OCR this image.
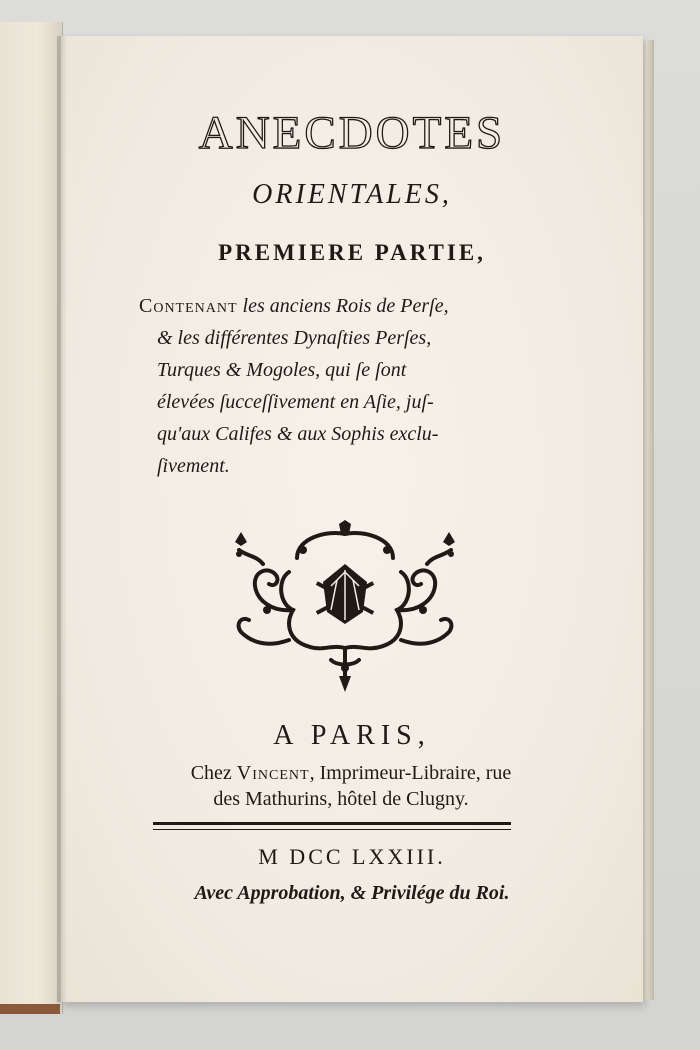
ANECDOTES
ORIENTALES,
PREMIERE PARTIE,
Contenant les anciens Rois de Perſe,
& les différentes Dynaſties Perſes,
Turques & Mogoles, qui ſe ſont
élevées ſucceſſivement en Aſie, juſ-
qu'aux Califes & aux Sophis exclu-
ſivement.
A PARIS,
Chez Vincent, Imprimeur-Libraire, rue
des Mathurins, hôtel de Clugny.
M DCC LXXIII.
Avec Approbation, & Privilége du Roi.
